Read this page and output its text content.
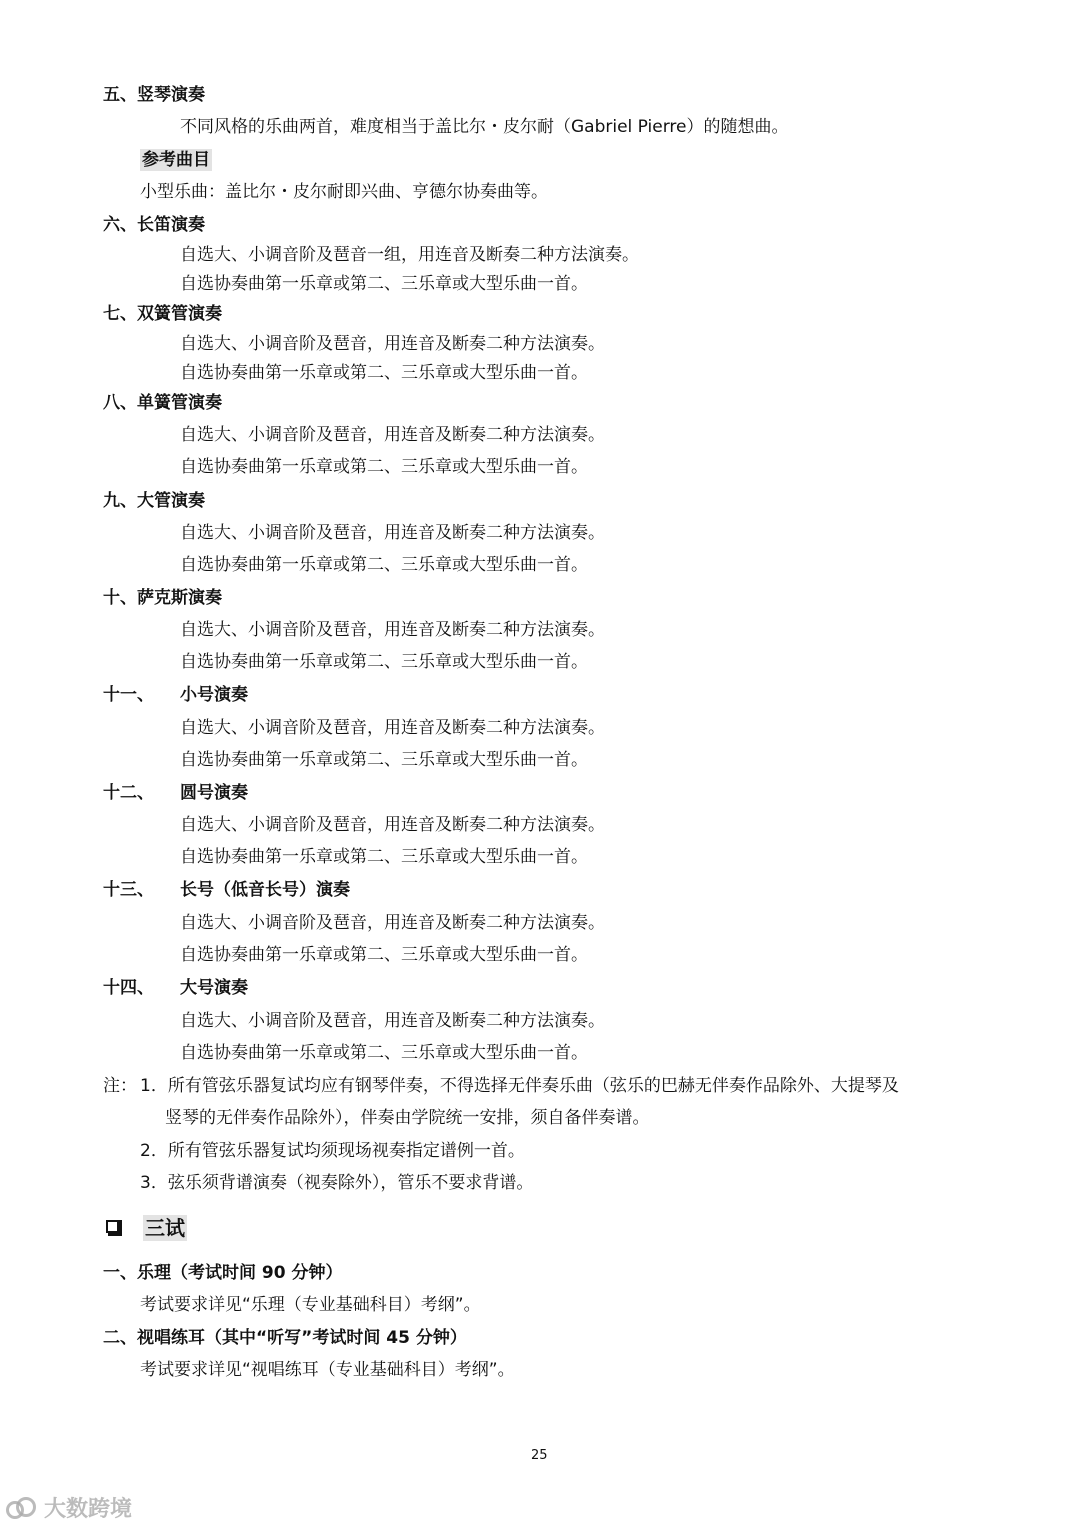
五、竖琴演奏
不同风格的乐曲两首，难度相当于盖比尔・皮尔耐（Gabriel Pierre）的随想曲。
参考曲目
小型乐曲：盖比尔・皮尔耐即兴曲、亨德尔协奏曲等。
六、长笛演奏
自选大、小调音阶及琶音一组，用连音及断奏二种方法演奏。
自选协奏曲第一乐章或第二、三乐章或大型乐曲一首。
七、双簧管演奏
自选大、小调音阶及琶音，用连音及断奏二种方法演奏。
自选协奏曲第一乐章或第二、三乐章或大型乐曲一首。
八、单簧管演奏
自选大、小调音阶及琶音，用连音及断奏二种方法演奏。
自选协奏曲第一乐章或第二、三乐章或大型乐曲一首。
九、大管演奏
自选大、小调音阶及琶音，用连音及断奏二种方法演奏。
自选协奏曲第一乐章或第二、三乐章或大型乐曲一首。
十、萨克斯演奏
自选大、小调音阶及琶音，用连音及断奏二种方法演奏。
自选协奏曲第一乐章或第二、三乐章或大型乐曲一首。
十一、 小号演奏
自选大、小调音阶及琶音，用连音及断奏二种方法演奏。
自选协奏曲第一乐章或第二、三乐章或大型乐曲一首。
十二、 圆号演奏
自选大、小调音阶及琶音，用连音及断奏二种方法演奏。
自选协奏曲第一乐章或第二、三乐章或大型乐曲一首。
十三、 长号（低音长号）演奏
自选大、小调音阶及琶音，用连音及断奏二种方法演奏。
自选协奏曲第一乐章或第二、三乐章或大型乐曲一首。
十四、 大号演奏
自选大、小调音阶及琶音，用连音及断奏二种方法演奏。
自选协奏曲第一乐章或第二、三乐章或大型乐曲一首。
注： 1．所有管弦乐器复试均应有钢琴伴奏，不得选择无伴奏乐曲（弦乐的巴赫无伴奏作品除外、大提琴及
竖琴的无伴奏作品除外），伴奏由学院统一安排，须自备伴奏谱。
2．所有管弦乐器复试均须现场视奏指定谱例一首。
3．弦乐须背谱演奏（视奏除外），管乐不要求背谱。
三试
一、乐理（考试时间 90 分钟）
考试要求详见“乐理（专业基础科目）考纲”。
二、视唱练耳（其中“听写”考试时间 45 分钟）
考试要求详见“视唱练耳（专业基础科目）考纲”。
25
大数跨境
